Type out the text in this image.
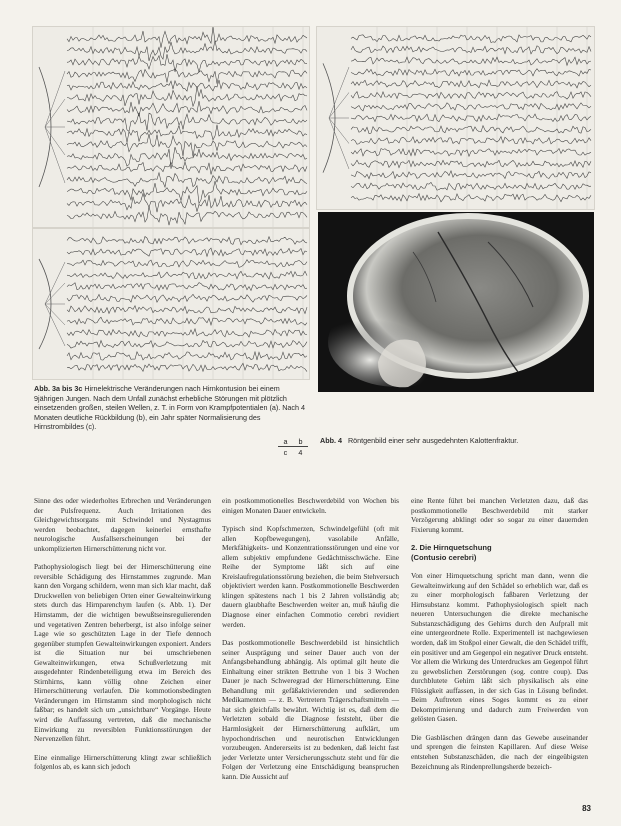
Abb. 3a bis 3c Hirnelektrische Veränderungen nach Hirnkontusion bei einem 9jährigen Jungen. Nach dem Unfall zunächst erhebliche Störungen mit plötzlich einsetzenden großen, steilen Wellen, z. T. in Form von Krampfpotentialen (a). Nach 4 Monaten deutliche Rückbildung (b), ein Jahr später Normalisierung des Hirnstrombildes (c).
a b
c 4
Abb. 4 Röntgenbild einer sehr ausgedehnten Kalottenfraktur.

Sinne des oder wiederholtes Erbrechen und Veränderungen der Pulsfrequenz. Auch Irritationen des Gleichgewichtsorgans mit Schwindel und Nystagmus werden beobachtet, dagegen keinerlei ernsthafte neurologische Ausfallserscheinungen bei der unkomplizierten Hirnerschütterung nicht vor.

Pathophysiologisch liegt bei der Hirnerschütterung eine reversible Schädigung des Hirnstammes zugrunde. Man kann den Vorgang schildern, wenn man sich klar macht, daß Druckwellen von beliebigen Orten einer Gewalteinwirkung stets durch das Hirnparenchym laufen (s. Abb. 1). Der Hirnstamm, der die wichtigen bewußtseinsregulierenden und vegetativen Zentren beherbergt, ist also infolge seiner Lage wie so geschützten Lage in der Tiefe dennoch gegenüber stumpfen Gewalteinwirkungen exponiert. Anders ist die Situation nur bei umschriebenen Gewalteinwirkungen, etwa Schußverletzung mit ausgedehnter Rindenbeteiligung etwa im Bereich des Stirnhirns, kann völlig ohne Zeichen einer Hirnerschütterung verlaufen. Die kommotionsbedingten Veränderungen im Hirnstamm sind morphologisch nicht faßbar; es handelt sich um „unsichtbare“ Vorgänge. Heute wird die Auffassung vertreten, daß die mechanische Einwirkung zu reversiblen Funktionsstörungen der Nervenzellen führt.

Eine einmalige Hirnerschütterung klingt zwar schließlich folgenlos ab, es kann sich jedoch

ein postkommotionelles Beschwerdebild von Wochen bis einigen Monaten Dauer entwickeln.

Typisch sind Kopfschmerzen, Schwindelgefühl (oft mit allen Kopfbewegungen), vasolabile Anfälle, Merkfähigkeits- und Konzentrationsstörungen und eine vor allem subjektiv empfundene Gedächtnisschwäche. Eine Reihe der Symptome läßt sich auf eine Kreislaufregulationsstörung beziehen, die beim Stehversuch objektiviert werden kann. Postkommotionelle Beschwerden klingen spätestens nach 1 bis 2 Jahren vollständig ab; dauern glaubhafte Beschwerden weiter an, muß häufig die Diagnose einer einfachen Commotio cerebri revidiert werden.

Das postkommotionelle Beschwerdebild ist hinsichtlich seiner Ausprägung und seiner Dauer auch von der Anfangsbehandlung abhängig. Als optimal gilt heute die Einhaltung einer strikten Bettruhe von 1 bis 3 Wochen Dauer je nach Schweregrad der Hirnerschütterung. Eine Behandlung mit gefäßaktivierenden und sedierenden Medikamenten — z. B. Vertretern Trägerschaftsmitteln — hat sich gleichfalls bewährt. Wichtig ist es, daß dem die Verletzten sobald die Diagnose feststeht, über die Harmlosigkeit der Hirnerschütterung aufklärt, um hypochondrischen und neurotischen Entwicklungen vorzubeugen. Andererseits ist zu bedenken, daß leicht fast jeder Verletzte unter Versicherungsschutz steht und für die Folgen der Verletzung eine Entschädigung beanspruchen kann. Die Aussicht auf

eine Rente führt bei manchen Verletzten dazu, daß das postkommotionelle Beschwerdebild mit starker Verzögerung abklingt oder so sogar zu einer dauernden Fixierung kommt.

2. Die Hirnquetschung
(Contusio cerebri)

Von einer Hirnquetschung spricht man dann, wenn die Gewalteinwirkung auf den Schädel so erheblich war, daß es zu einer morphologisch faßbaren Verletzung der Hirnsubstanz kommt. Pathophysiologisch spielt nach neueren Untersuchungen die direkte mechanische Substanzschädigung des Gehirns durch den Aufprall mit eine untergeordnete Rolle. Experimentell ist nachgewiesen worden, daß im Stoßpol einer Gewalt, die den Schädel trifft, ein positiver und am Gegenpol ein negativer Druck entsteht. Vor allem die Wirkung des Unterdruckes am Gegenpol führt zu gewebslichen Zerstörungen (sog. contre coup). Das durchblutete Gehirn läßt sich physikalisch als eine Flüssigkeit auffassen, in der sich Gas in Lösung befindet. Beim Auftreten eines Soges kommt es zu einer Dekomprimierung und dadurch zum Freiwerden von gelösten Gasen.

Die Gasbläschen drängen dann das Gewebe auseinander und sprengen die feinsten Kapillaren. Auf diese Weise entstehen Substanzschäden, die nach der eingeübigsten Bezeichnung als Rindenprellungsherde bezeich-

83
